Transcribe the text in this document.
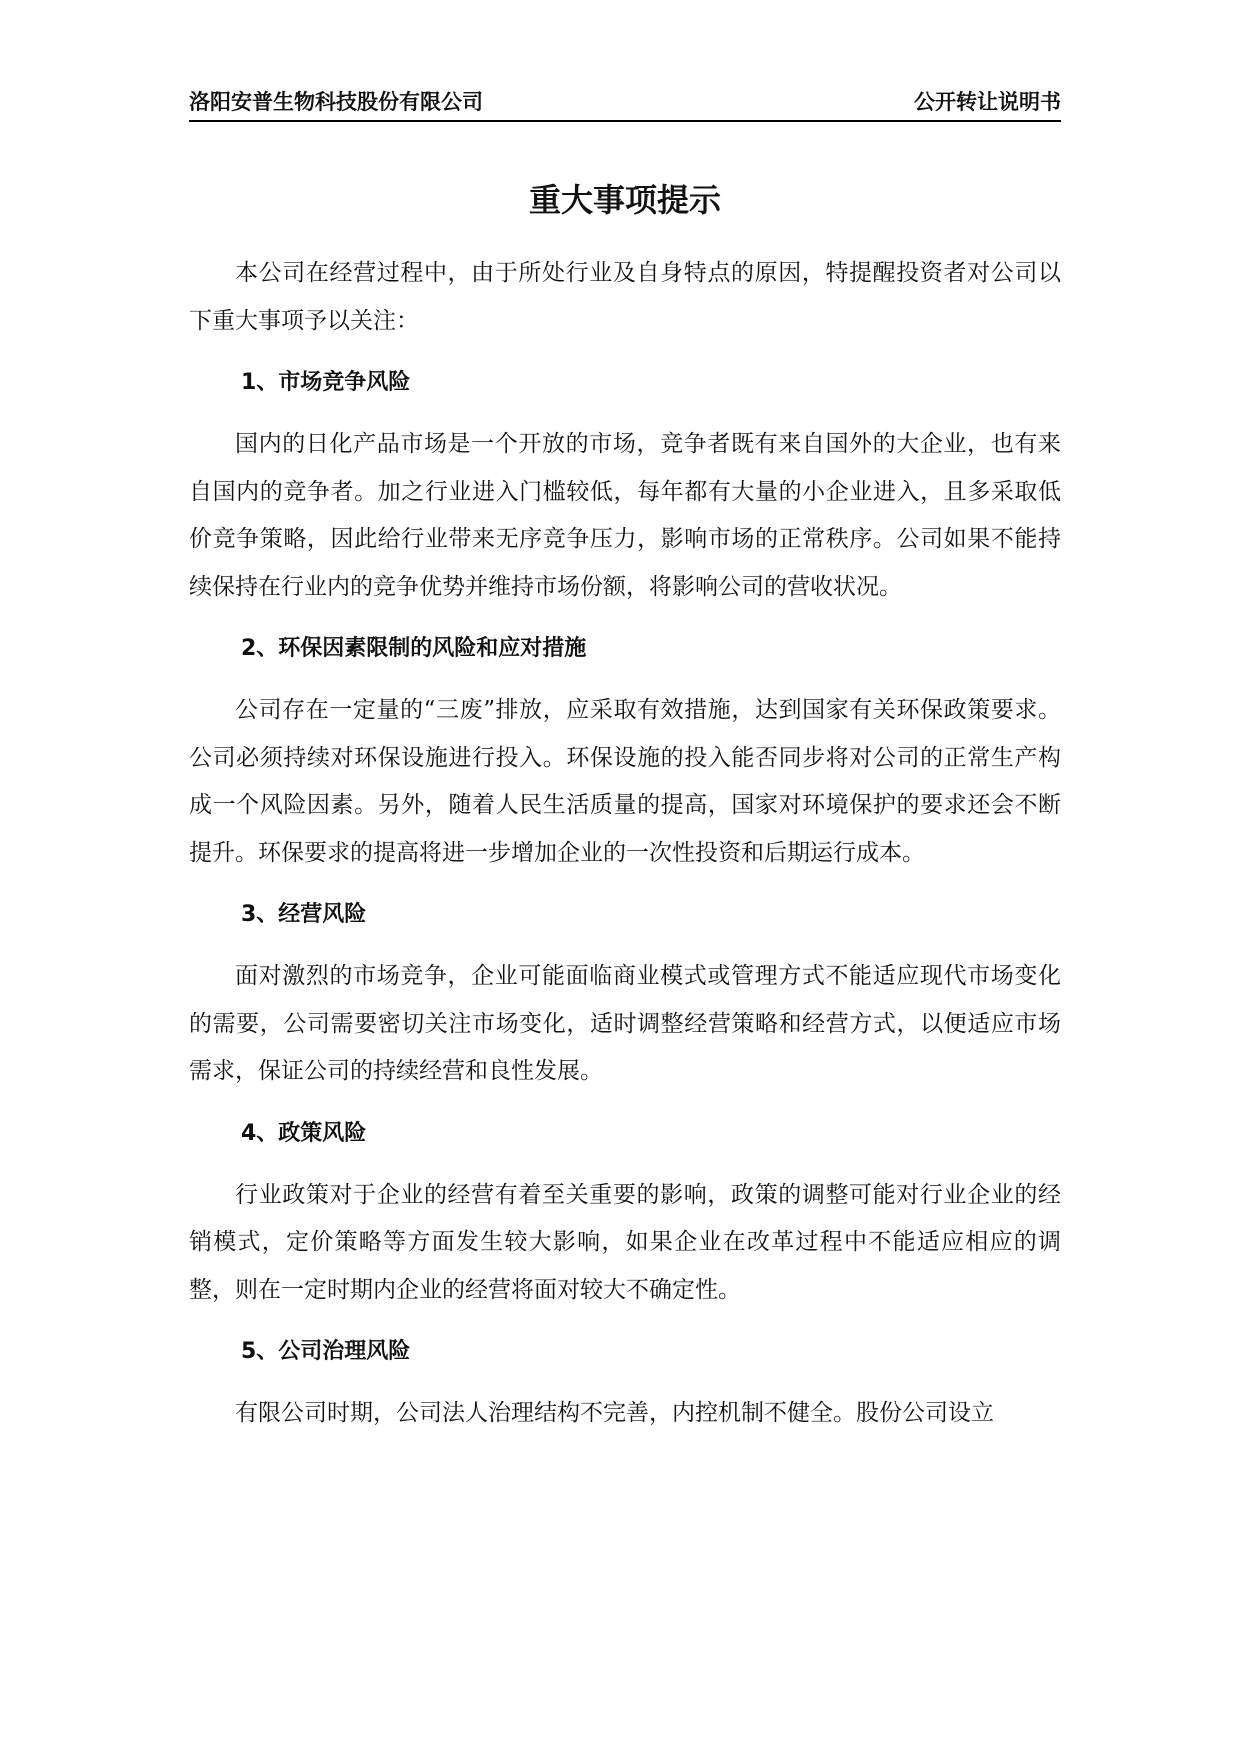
洛阳安普生物科技股份有限公司	公开转让说明书
重大事项提示

本公司在经营过程中，由于所处行业及自身特点的原因，特提醒投资者对公司以下重大事项予以关注：

1、市场竞争风险

国内的日化产品市场是一个开放的市场，竞争者既有来自国外的大企业，也有来自国内的竞争者。加之行业进入门槛较低，每年都有大量的小企业进入，且多采取低价竞争策略，因此给行业带来无序竞争压力，影响市场的正常秩序。公司如果不能持续保持在行业内的竞争优势并维持市场份额，将影响公司的营收状况。

2、环保因素限制的风险和应对措施

公司存在一定量的“三废”排放，应采取有效措施，达到国家有关环保政策要求。公司必须持续对环保设施进行投入。环保设施的投入能否同步将对公司的正常生产构成一个风险因素。另外，随着人民生活质量的提高，国家对环境保护的要求还会不断提升。环保要求的提高将进一步增加企业的一次性投资和后期运行成本。

3、经营风险

面对激烈的市场竞争，企业可能面临商业模式或管理方式不能适应现代市场变化的需要，公司需要密切关注市场变化，适时调整经营策略和经营方式，以便适应市场需求，保证公司的持续经营和良性发展。

4、政策风险

行业政策对于企业的经营有着至关重要的影响，政策的调整可能对行业企业的经销模式，定价策略等方面发生较大影响，如果企业在改革过程中不能适应相应的调整，则在一定时期内企业的经营将面对较大不确定性。

5、公司治理风险

有限公司时期，公司法人治理结构不完善，内控机制不健全。股份公司设立
